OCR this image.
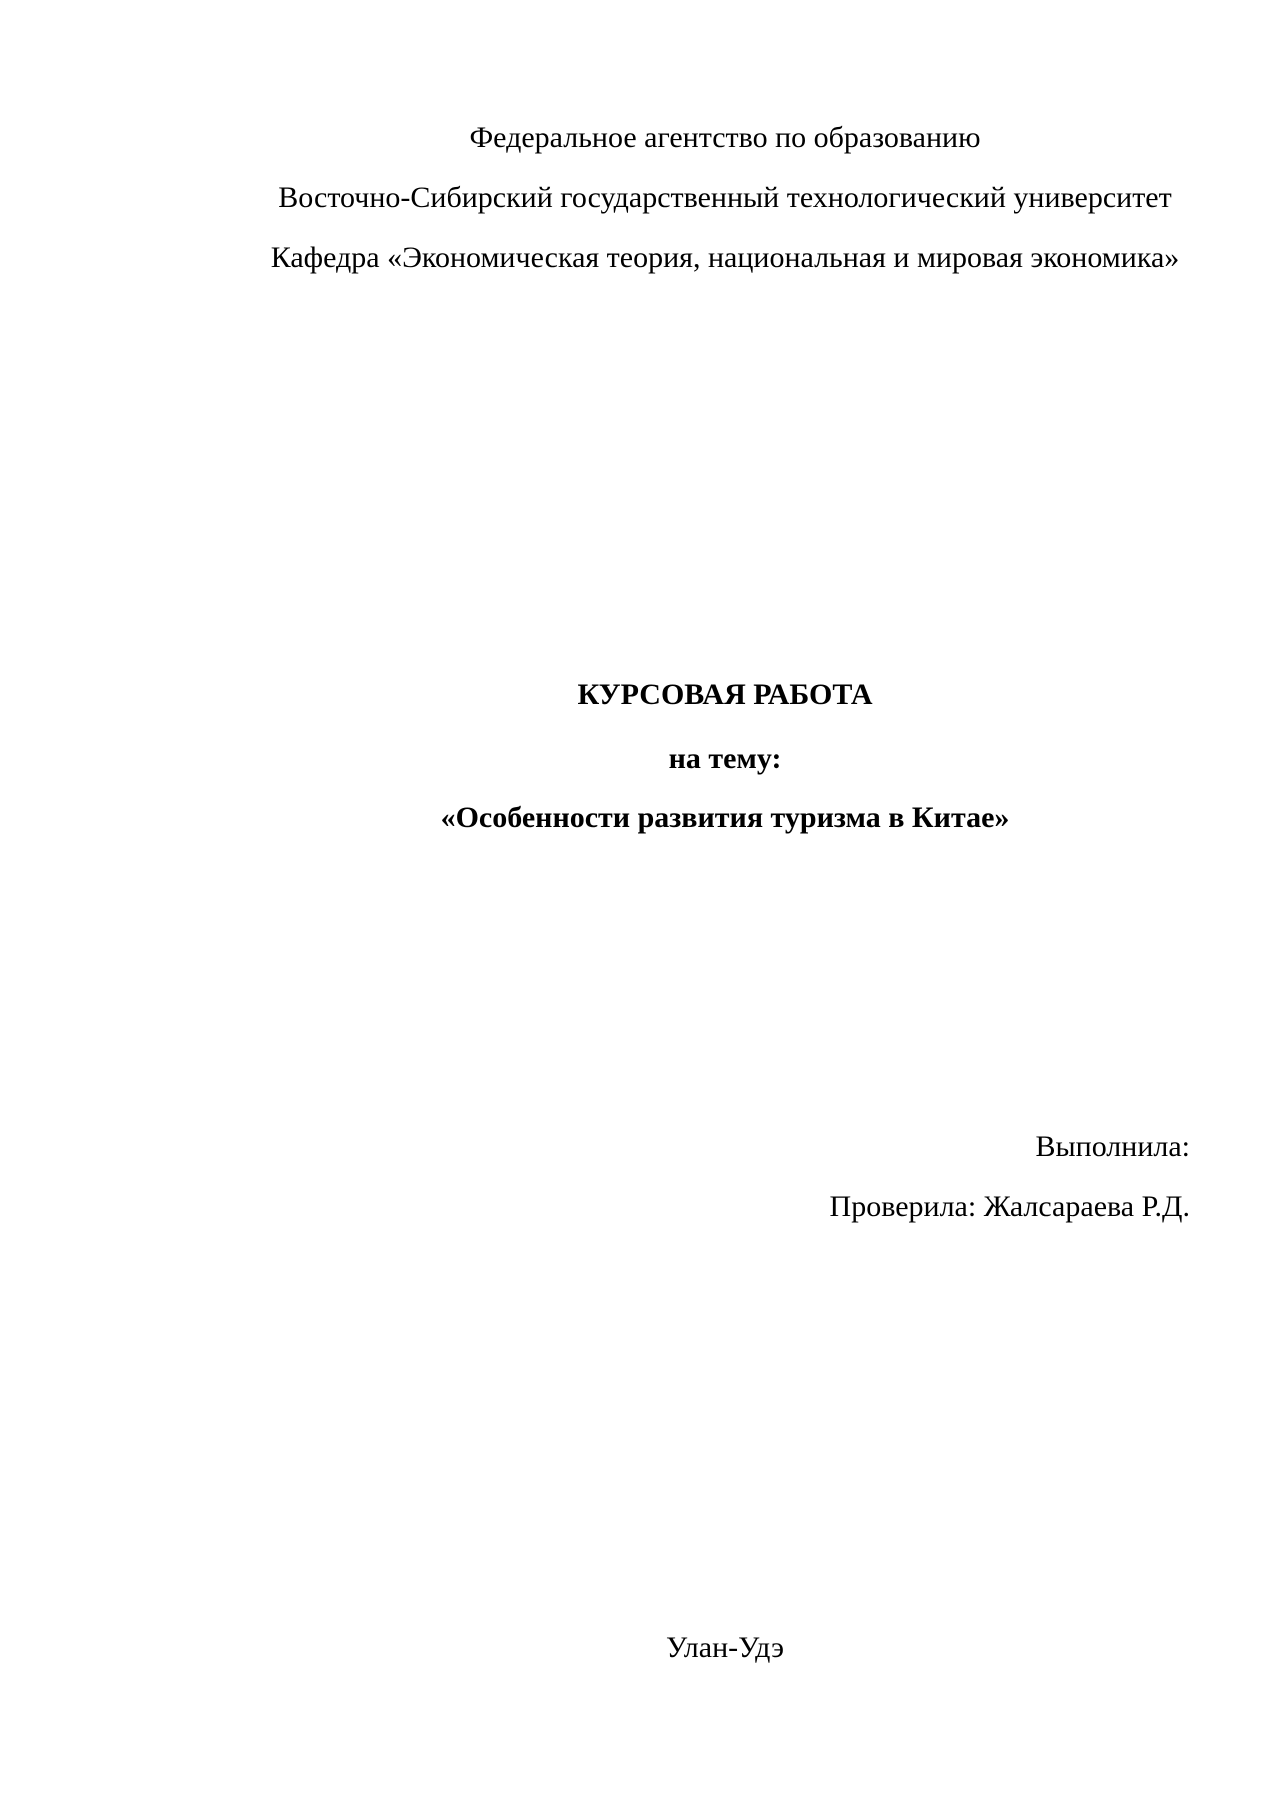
Федеральное агентство по образованию
Восточно-Сибирский государственный технологический университет
Кафедра «Экономическая теория, национальная и мировая экономика»
КУРСОВАЯ РАБОТА
на тему:
«Особенности развития туризма в Китае»
Выполнила:
Проверила: Жалсараева Р.Д.
Улан-Удэ
